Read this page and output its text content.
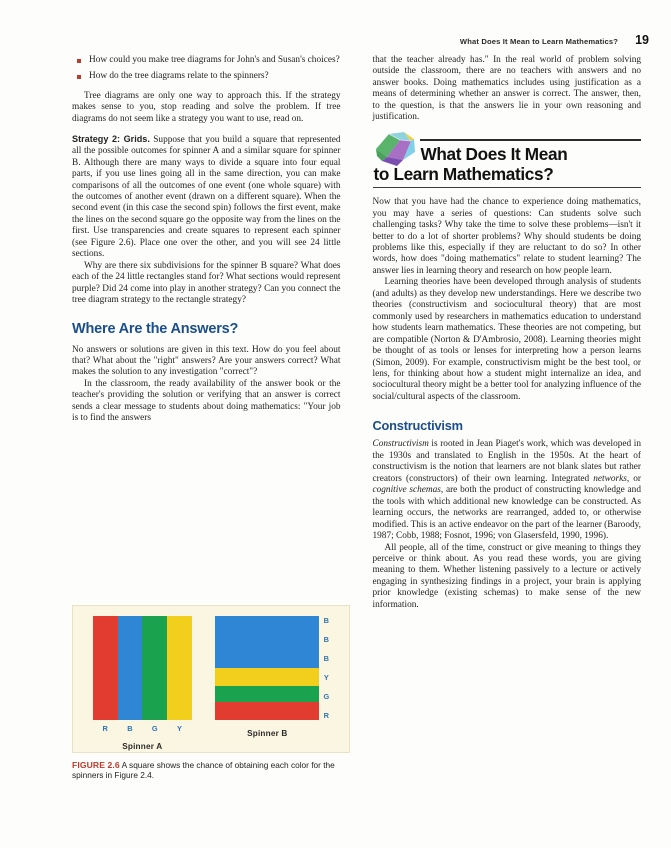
What Does It Mean to Learn Mathematics? 19
How could you make tree diagrams for John's and Susan's choices?
How do the tree diagrams relate to the spinners?

Tree diagrams are only one way to approach this. If the strategy makes sense to you, stop reading and solve the problem. If tree diagrams do not seem like a strategy you want to use, read on.

Strategy 2: Grids. Suppose that you build a square that represented all the possible outcomes for spinner A and a similar square for spinner B. Although there are many ways to divide a square into four equal parts, if you use lines going all in the same direction, you can make comparisons of all the outcomes of one event (one whole square) with the outcomes of another event (drawn on a different square). When the second event (in this case the second spin) follows the first event, make the lines on the second square go the opposite way from the lines on the first. Use transparencies and create squares to represent each spinner (see Figure 2.6). Place one over the other, and you will see 24 little sections.

Why are there six subdivisions for the spinner B square? What does each of the 24 little rectangles stand for? What sections would represent purple? Did 24 come into play in another strategy? Can you connect the tree diagram strategy to the rectangle strategy?

Where Are the Answers?

No answers or solutions are given in this text. How do you feel about that? What about the "right" answers? Are your answers correct? What makes the solution to any investigation "correct"?

In the classroom, the ready availability of the answer book or the teacher's providing the solution or verifying that an answer is correct sends a clear message to students about doing mathematics: "Your job is to find the answers

R	B	G	Y
Spinner A
B
B
B
Y
G
R
Spinner B
FIGURE 2.6 A square shows the chance of obtaining each color for the spinners in Figure 2.4.

that the teacher already has." In the real world of problem solving outside the classroom, there are no teachers with answers and no answer books. Doing mathematics includes using justification as a means of determining whether an answer is correct. The answer, then, to the question, is that the answers lie in your own reasoning and justification.

What Does It Mean
to Learn Mathematics?

Now that you have had the chance to experience doing mathematics, you may have a series of questions: Can students solve such challenging tasks? Why take the time to solve these problems—isn't it better to do a lot of shorter problems? Why should students be doing problems like this, especially if they are reluctant to do so? In other words, how does "doing mathematics" relate to student learning? The answer lies in learning theory and research on how people learn.

Learning theories have been developed through analysis of students (and adults) as they develop new understandings. Here we describe two theories (constructivism and sociocultural theory) that are most commonly used by researchers in mathematics education to understand how students learn mathematics. These theories are not competing, but are compatible (Norton & D'Ambrosio, 2008). Learning theories might be thought of as tools or lenses for interpreting how a person learns (Simon, 2009). For example, constructivism might be the best tool, or lens, for thinking about how a student might internalize an idea, and sociocultural theory might be a better tool for analyzing influence of the social/cultural aspects of the classroom.

Constructivism

Constructivism is rooted in Jean Piaget's work, which was developed in the 1930s and translated to English in the 1950s. At the heart of constructivism is the notion that learners are not blank slates but rather creators (constructors) of their own learning. Integrated networks, or cognitive schemas, are both the product of constructing knowledge and the tools with which additional new knowledge can be constructed. As learning occurs, the networks are rearranged, added to, or otherwise modified. This is an active endeavor on the part of the learner (Baroody, 1987; Cobb, 1988; Fosnot, 1996; von Glasersfeld, 1990, 1996).

All people, all of the time, construct or give meaning to things they perceive or think about. As you read these words, you are giving meaning to them. Whether listening passively to a lecture or actively engaging in synthesizing findings in a project, your brain is applying prior knowledge (existing schemas) to make sense of the new information.
